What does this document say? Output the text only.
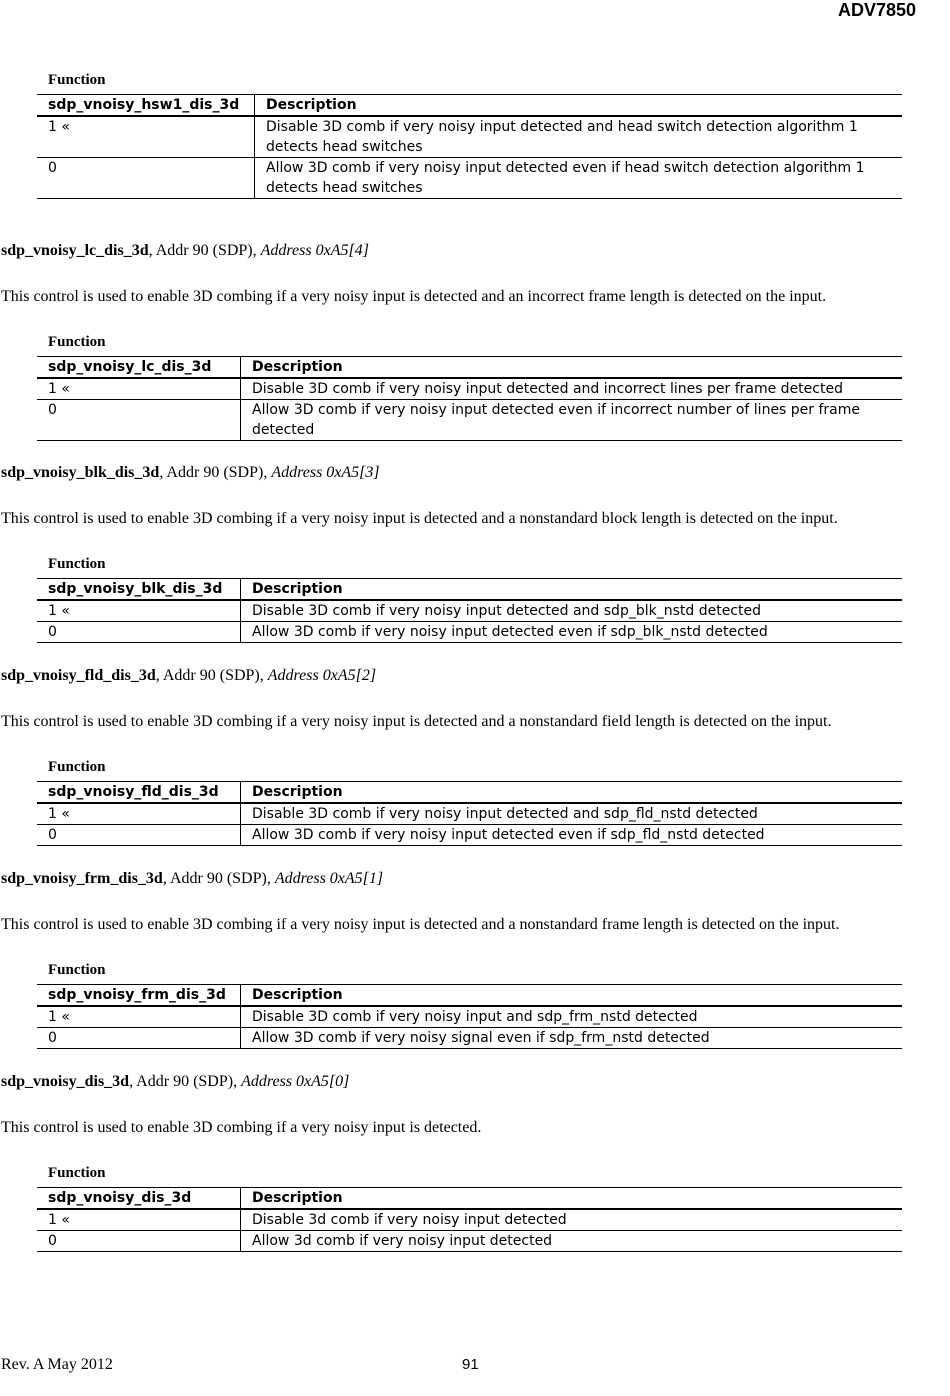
ADV7850
Function
sdp_vnoisy_hsw1_dis_3d	Description
1 «	Disable 3D comb if very noisy input detected and head switch detection algorithm 1 detects head switches
0	Allow 3D comb if very noisy input detected even if head switch detection algorithm 1 detects head switches
sdp_vnoisy_lc_dis_3d, Addr 90 (SDP), Address 0xA5[4]
This control is used to enable 3D combing if a very noisy input is detected and an incorrect frame length is detected on the input.
Function
sdp_vnoisy_lc_dis_3d	Description
1 «	Disable 3D comb if very noisy input detected and incorrect lines per frame detected
0	Allow 3D comb if very noisy input detected even if incorrect number of lines per frame detected
sdp_vnoisy_blk_dis_3d, Addr 90 (SDP), Address 0xA5[3]
This control is used to enable 3D combing if a very noisy input is detected and a nonstandard block length is detected on the input.
Function
sdp_vnoisy_blk_dis_3d	Description
1 «	Disable 3D comb if very noisy input detected and sdp_blk_nstd detected
0	Allow 3D comb if very noisy input detected even if sdp_blk_nstd detected
sdp_vnoisy_fld_dis_3d, Addr 90 (SDP), Address 0xA5[2]
This control is used to enable 3D combing if a very noisy input is detected and a nonstandard field length is detected on the input.
Function
sdp_vnoisy_fld_dis_3d	Description
1 «	Disable 3D comb if very noisy input detected and sdp_fld_nstd detected
0	Allow 3D comb if very noisy input detected even if sdp_fld_nstd detected
sdp_vnoisy_frm_dis_3d, Addr 90 (SDP), Address 0xA5[1]
This control is used to enable 3D combing if a very noisy input is detected and a nonstandard frame length is detected on the input.
Function
sdp_vnoisy_frm_dis_3d	Description
1 «	Disable 3D comb if very noisy input and sdp_frm_nstd detected
0	Allow 3D comb if very noisy signal even if sdp_frm_nstd detected
sdp_vnoisy_dis_3d, Addr 90 (SDP), Address 0xA5[0]
This control is used to enable 3D combing if a very noisy input is detected.
Function
sdp_vnoisy_dis_3d	Description
1 «	Disable 3d comb if very noisy input detected
0	Allow 3d comb if very noisy input detected
Rev. A May 2012	91
